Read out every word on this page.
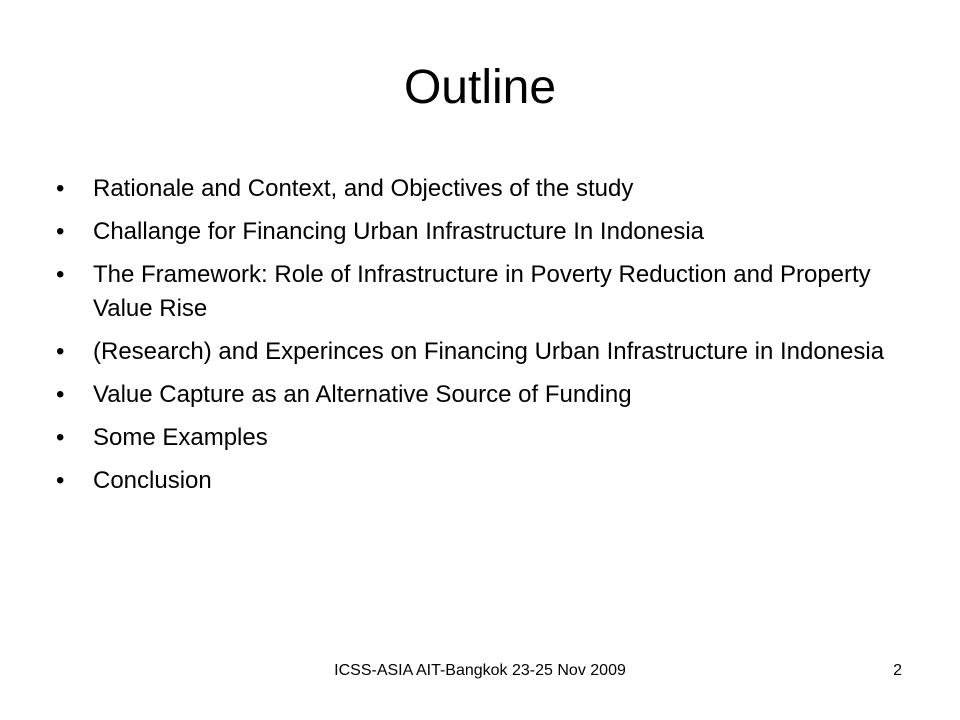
Outline
•	Rationale and Context, and Objectives of the study
•	Challange for Financing Urban Infrastructure In Indonesia
•	The Framework: Role of Infrastructure in Poverty Reduction and Property Value Rise
•	(Research) and Experinces on Financing Urban Infrastructure in Indonesia
•	Value Capture as an Alternative Source of Funding
•	Some Examples
•	Conclusion
ICSS-ASIA AIT-Bangkok 23-25 Nov 2009	2
